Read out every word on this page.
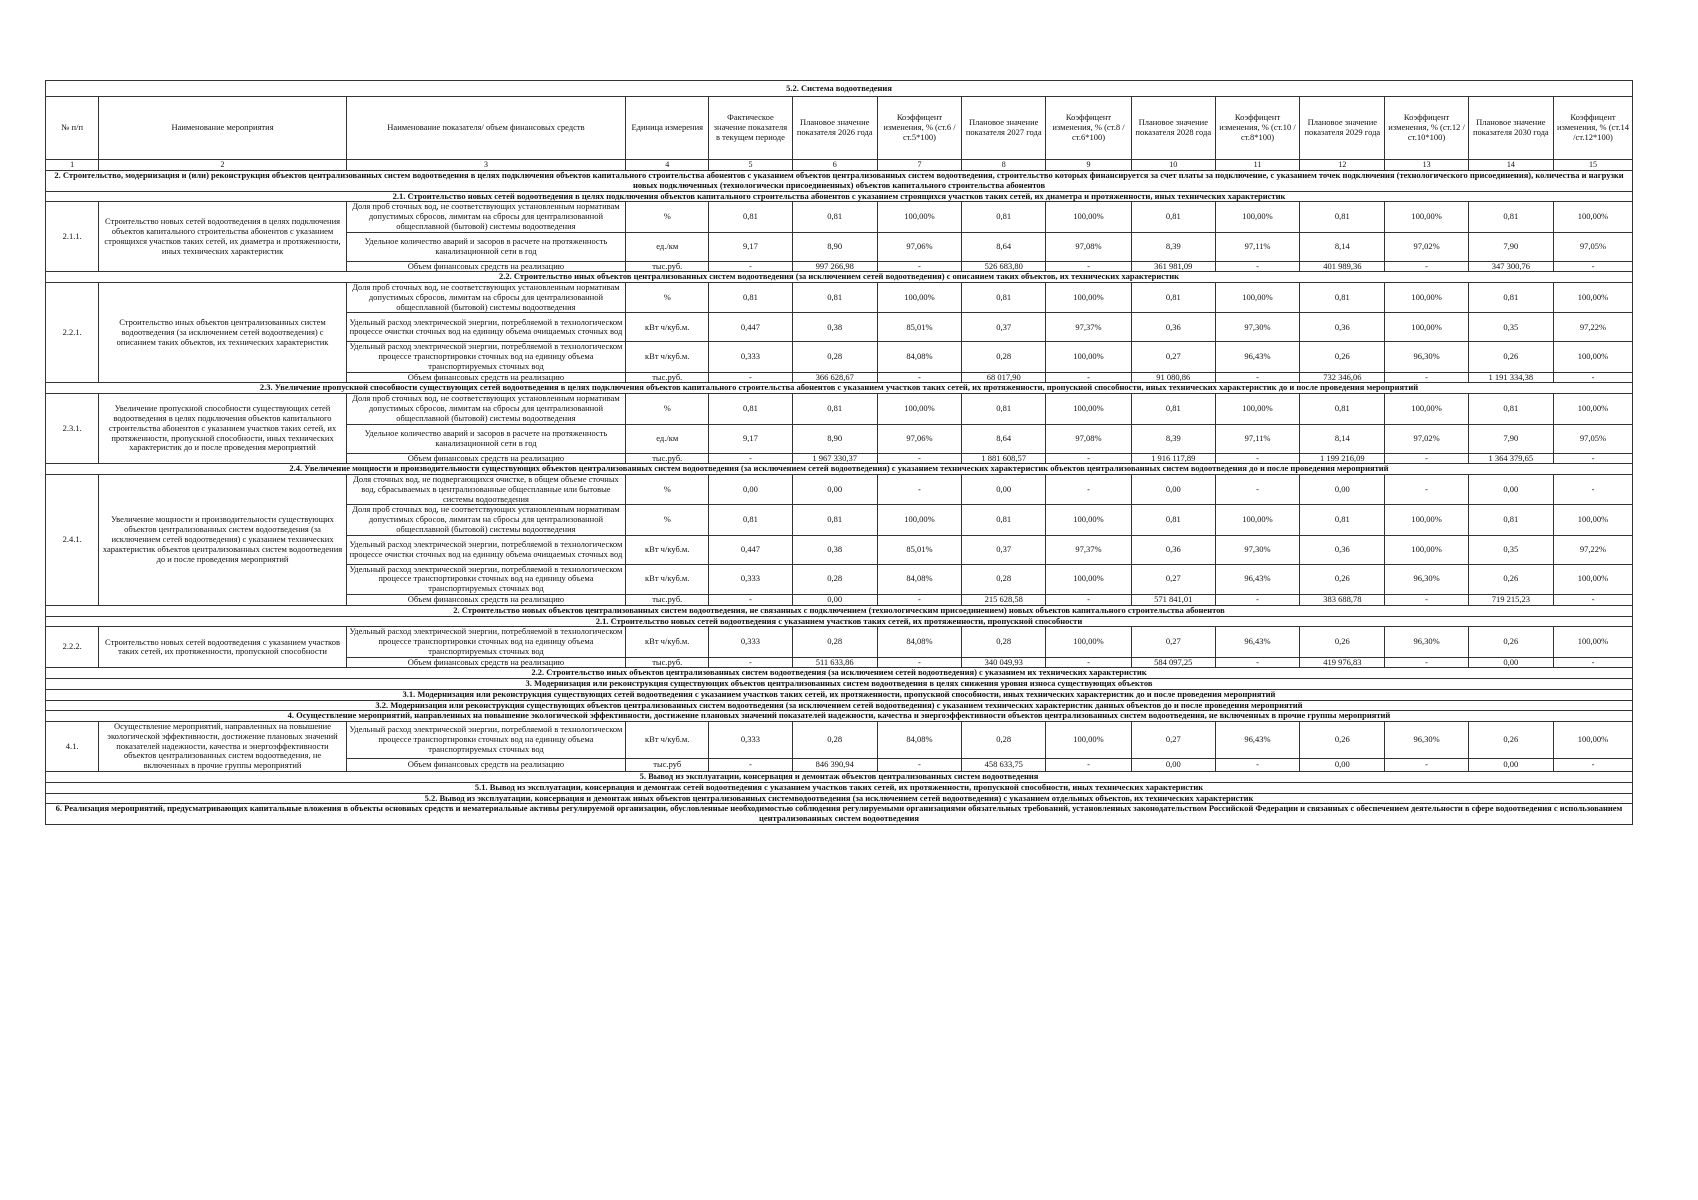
5.2. Система водоотведения														
№ п/п	Наименование мероприятия	Наименование показателя/ объем финансовых средств	Единица измерения	Фактическое значение показателя в текущем периоде	Плановое значение показателя 2026 года	Коэффицент изменения, % (ст.6 /ст.5*100)	Плановое значение показателя 2027 года	Коэффицент изменения, % (ст.8 /ст.6*100)	Плановое значение показателя 2028 года	Коэффицент изменения, % (ст.10 /ст.8*100)	Плановое значение показателя 2029 года	Коэффицент изменения, % (ст.12 /ст.10*100)	Плановое значение показателя 2030 года	Коэффицент изменения, % (ст.14 /ст.12*100)
1	2	3	4	5	6	7	8	9	10	11	12	13	14	15
2. Строительство, модернизация и (или) реконструкция объектов централизованных систем водоотведения в целях подключения объектов капитального строительства абонентов с указанием объектов централизованных систем водоотведения, строительство которых финансируется за счет платы за подключение, с указанием точек подключения (технологического присоединения), количества и нагрузки новых подключенных (технологически присоединенных) объектов капитального строительства абонентов														
2.1. Строительство новых сетей водоотведения в целях подключения объектов капитального строительства абонентов с указанием строящихся участков таких сетей, их диаметра и протяженности, иных технических характеристик														
2.1.1.	Строительство новых сетей водоотведения в целях подключения объектов капитального строительства абонентов с указанием строящихся участков таких сетей, их диаметра и протяженности, иных технических характеристик	Доля проб сточных вод, не соответствующих установленным нормативам допустимых сбросов, лимитам на сбросы для централизованной общесплавной (бытовой) системы водоотведения	%	0,81	0,81	100,00%	0,81	100,00%	0,81	100,00%	0,81	100,00%	0,81	100,00%
		Удельное количество аварий и засоров в расчете на протяженность канализационной сети в год	ед./км	9,17	8,90	97,06%	8,64	97,08%	8,39	97,11%	8,14	97,02%	7,90	97,05%
		Объем финансовых средств на реализацию	тыс.руб.	-	997 266,98	-	526 683,80	-	361 981,09	-	401 989,36	-	347 300,76	-
2.2. Строительство иных объектов централизованных систем водоотведения (за исключением сетей водоотведения) с описанием таких объектов, их технических характеристик														
2.2.1.	Строительство иных объектов централизованных систем водоотведения (за исключением сетей водоотведения) с описанием таких объектов, их технических характеристик	Доля проб сточных вод, не соответствующих установленным нормативам допустимых сбросов, лимитам на сбросы для централизованной общесплавной (бытовой) системы водоотведения	%	0,81	0,81	100,00%	0,81	100,00%	0,81	100,00%	0,81	100,00%	0,81	100,00%
		Удельный расход электрической энергии, потребляемой в технологическом процессе очистки сточных вод на единицу объема очищаемых сточных вод	кВт ч/куб.м.	0,447	0,38	85,01%	0,37	97,37%	0,36	97,30%	0,36	100,00%	0,35	97,22%
		Удельный расход электрической энергии, потребляемой в технологическом процессе транспортировки сточных вод на единицу объема транспортируемых сточных вод	кВт ч/куб.м.	0,333	0,28	84,08%	0,28	100,00%	0,27	96,43%	0,26	96,30%	0,26	100,00%
		Объем финансовых средств на реализацию	тыс.руб.	-	366 628,67	-	68 017,90	-	91 080,86	-	732 346,06	-	1 191 334,38	-
2.3. Увеличение пропускной способности существующих сетей водоотведения в целях подключения объектов капитального строительства абонентов с указанием участков таких сетей, их протяженности, пропускной способности, иных технических характеристик до и после проведения мероприятий														
2.3.1.	Увеличение пропускной способности существующих сетей водоотведения в целях подключения объектов капитального строительства абонентов с указанием участков таких сетей, их протяженности, пропускной способности, иных технических характеристик до и после проведения мероприятий	Доля проб сточных вод, не соответствующих установленным нормативам допустимых сбросов, лимитам на сбросы для централизованной общесплавной (бытовой) системы водоотведения	%	0,81	0,81	100,00%	0,81	100,00%	0,81	100,00%	0,81	100,00%	0,81	100,00%
		Удельное количество аварий и засоров в расчете на протяженность канализационной сети в год	ед./км	9,17	8,90	97,06%	8,64	97,08%	8,39	97,11%	8,14	97,02%	7,90	97,05%
		Объем финансовых средств на реализацию	тыс.руб.	-	1 967 330,37	-	1 881 608,57	-	1 916 117,89	-	1 199 216,09	-	1 364 379,65	-
2.4. Увеличение мощности и производительности существующих объектов централизованных систем водоотведения (за исключением сетей водоотведения) с указанием технических характеристик объектов централизованных систем водоотведения до и после проведения мероприятий														
2.4.1.	Увеличение мощности и производительности существующих объектов централизованных систем водоотведения (за исключением сетей водоотведения) с указанием технических характеристик объектов централизованных систем водоотведения до и после проведения мероприятий	Доля сточных вод, не подвергающихся очистке, в общем объеме сточных вод, сбрасываемых в централизованные общесплавные или бытовые системы водоотведения	%	0,00	0,00	-	0,00	-	0,00	-	0,00	-	0,00	-
		Доля проб сточных вод, не соответствующих установленным нормативам допустимых сбросов, лимитам на сбросы для централизованной общесплавной (бытовой) системы водоотведения	%	0,81	0,81	100,00%	0,81	100,00%	0,81	100,00%	0,81	100,00%	0,81	100,00%
		Удельный расход электрической энергии, потребляемой в технологическом процессе очистки сточных вод на единицу объема очищаемых сточных вод	кВт ч/куб.м.	0,447	0,38	85,01%	0,37	97,37%	0,36	97,30%	0,36	100,00%	0,35	97,22%
		Удельный расход электрической энергии, потребляемой в технологическом процессе транспортировки сточных вод на единицу объема транспортируемых сточных вод	кВт ч/куб.м.	0,333	0,28	84,08%	0,28	100,00%	0,27	96,43%	0,26	96,30%	0,26	100,00%
		Объем финансовых средств на реализацию	тыс.руб.	-	0,00	-	215 628,58	-	571 841,01	-	383 688,78	-	719 215,23	-
2. Строительство новых объектов централизованных систем водоотведения, не связанных с подключением (технологическим присоединением) новых объектов капитального строительства абонентов														
2.1. Строительство новых сетей водоотведения с указанием участков таких сетей, их протяженности, пропускной способности														
2.2.2.	Строительство новых сетей водоотведения с указанием участков таких сетей, их протяженности, пропускной способности	Удельный расход электрической энергии, потребляемой в технологическом процессе транспортировки сточных вод на единицу объема транспортируемых сточных вод	кВт ч/куб.м.	0,333	0,28	84,08%	0,28	100,00%	0,27	96,43%	0,26	96,30%	0,26	100,00%
		Объем финансовых средств на реализацию	тыс.руб.	-	511 633,86	-	340 049,93	-	584 097,25	-	419 976,83	-	0,00	-
2.2. Строительство иных объектов централизованных систем водоотведения (за исключением сетей водоотведения) с указанием их технических характеристик														
3. Модернизация или реконструкция существующих объектов централизованных систем водоотведения в целях снижения уровня износа существующих объектов														
3.1. Модернизация или реконструкция существующих сетей водоотведения с указанием участков таких сетей, их протяженности, пропускной способности, иных технических характеристик до и после проведения мероприятий														
3.2. Модернизация или реконструкция существующих объектов централизованных систем водоотведения (за исключением сетей водоотведения) с указанием технических характеристик данных объектов до и после проведения мероприятий														
4. Осуществление мероприятий, направленных на повышение экологической эффективности, достижение плановых значений показателей надежности, качества и энергоэффективности объектов централизованных систем водоотведения, не включенных в прочие группы мероприятий														
4.1.	Осуществление мероприятий, направленных на повышение экологической эффективности, достижение плановых значений показателей надежности, качества и энергоэффективности объектов централизованных систем водоотведения, не включенных в прочие группы мероприятий	Удельный расход электрической энергии, потребляемой в технологическом процессе транспортировки сточных вод на единицу объема транспортируемых сточных вод	кВт ч/куб.м.	0,333	0,28	84,08%	0,28	100,00%	0,27	96,43%	0,26	96,30%	0,26	100,00%
		Объем финансовых средств на реализацию	тыс.руб	-	846 390,94	-	458 633,75	-	0,00	-	0,00	-	0,00	-
5. Вывод из эксплуатации, консервация и демонтаж объектов централизованных систем водоотведения														
5.1. Вывод из эксплуатации, консервация и демонтаж сетей водоотведения с указанием участков таких сетей, их протяженности, пропускной способности, иных технических характеристик														
5.2. Вывод из эксплуатации, консервация и демонтаж иных объектов централизованных системводоотведения (за исключением сетей водоотведения) с указанием отдельных объектов, их технических характеристик														
6. Реализация мероприятий, предусматривающих капитальные вложения в объекты основных средств и нематериальные активы регулируемой организации, обусловленные необходимостью соблюдения регулируемыми организациями обязательных требований, установленных законодательством Российской Федерации и связанных с обеспечением деятельности в сфере водоотведения с использованием централизованных систем водоотведения														
